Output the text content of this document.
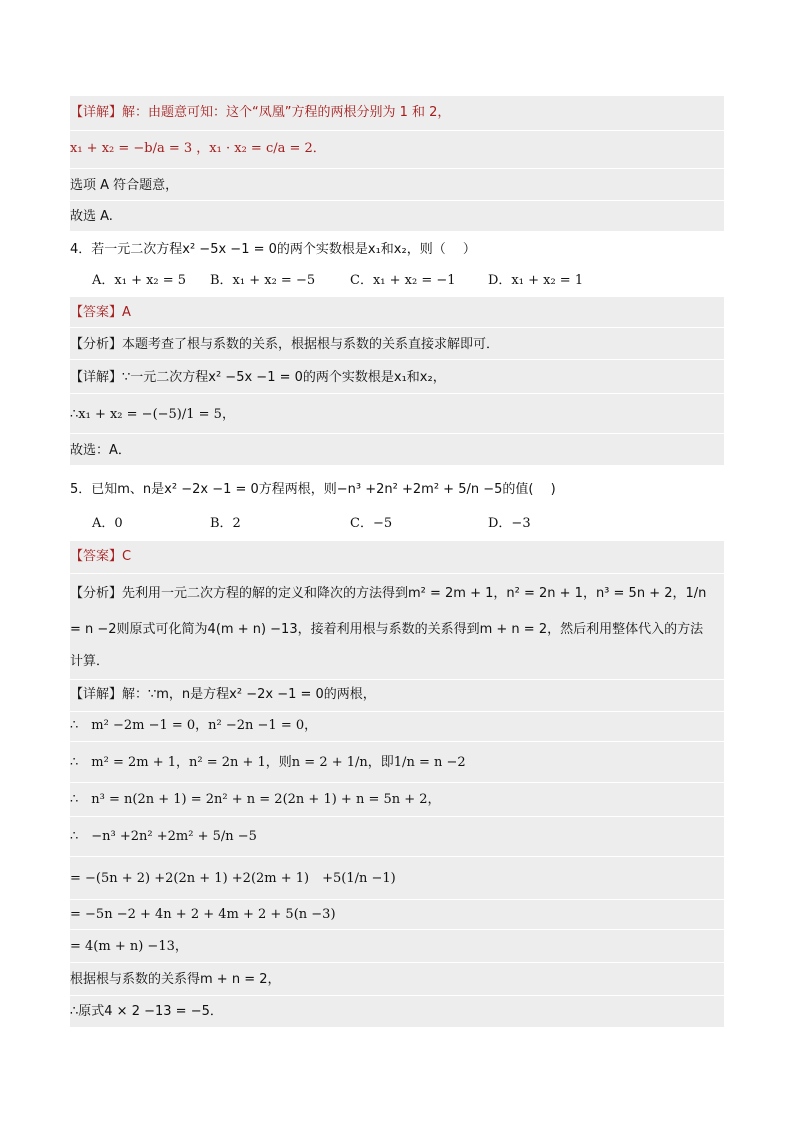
【详解】解：由题意可知：这个“凤凰”方程的两根分别为 1 和 2，
x₁ + x₂ = −b/a = 3 ，x₁ · x₂ = c/a = 2．
选项 A 符合题意，
故选 A.
4．若一元二次方程x² −5x −1 = 0的两个实数根是x₁和x₂，则（　 ）
A．x₁ + x₂ = 5 B．x₁ + x₂ = −5	C．x₁ + x₂ = −1 D．x₁ + x₂ = 1
【答案】A
【分析】本题考查了根与系数的关系，根据根与系数的关系直接求解即可．
【详解】∵一元二次方程x² −5x −1 = 0的两个实数根是x₁和x₂，
∴x₁ + x₂ = −(−5)/1 = 5，
故选：A．
5．已知m、n是x² −2x −1 = 0方程两根，则−n³ +2n² +2m² + 5/n −5的值(　 )
A．0	B．2	C．−5	D．−3
【答案】C
【分析】先利用一元二次方程的解的定义和降次的方法得到m² = 2m + 1，n² = 2n + 1，n³ = 5n + 2，1/n
= n −2则原式可化简为4(m + n) −13，接着利用根与系数的关系得到m + n = 2，然后利用整体代入的方法
计算．
【详解】解：∵m，n是方程x² −2x −1 = 0的两根，
∴　m² −2m −1 = 0，n² −2n −1 = 0，
∴　m² = 2m + 1，n² = 2n + 1，则n = 2 + 1/n，即1/n = n −2
∴　n³ = n(2n + 1) = 2n² + n = 2(2n + 1) + n = 5n + 2，
∴　−n³ +2n² +2m² + 5/n −5
= −(5n + 2) +2(2n + 1) +2(2m + 1)　+5(1/n −1)
= −5n −2 + 4n + 2 + 4m + 2 + 5(n −3)
= 4(m + n) −13，
根据根与系数的关系得m + n = 2，
∴原式4 × 2 −13 = −5．
